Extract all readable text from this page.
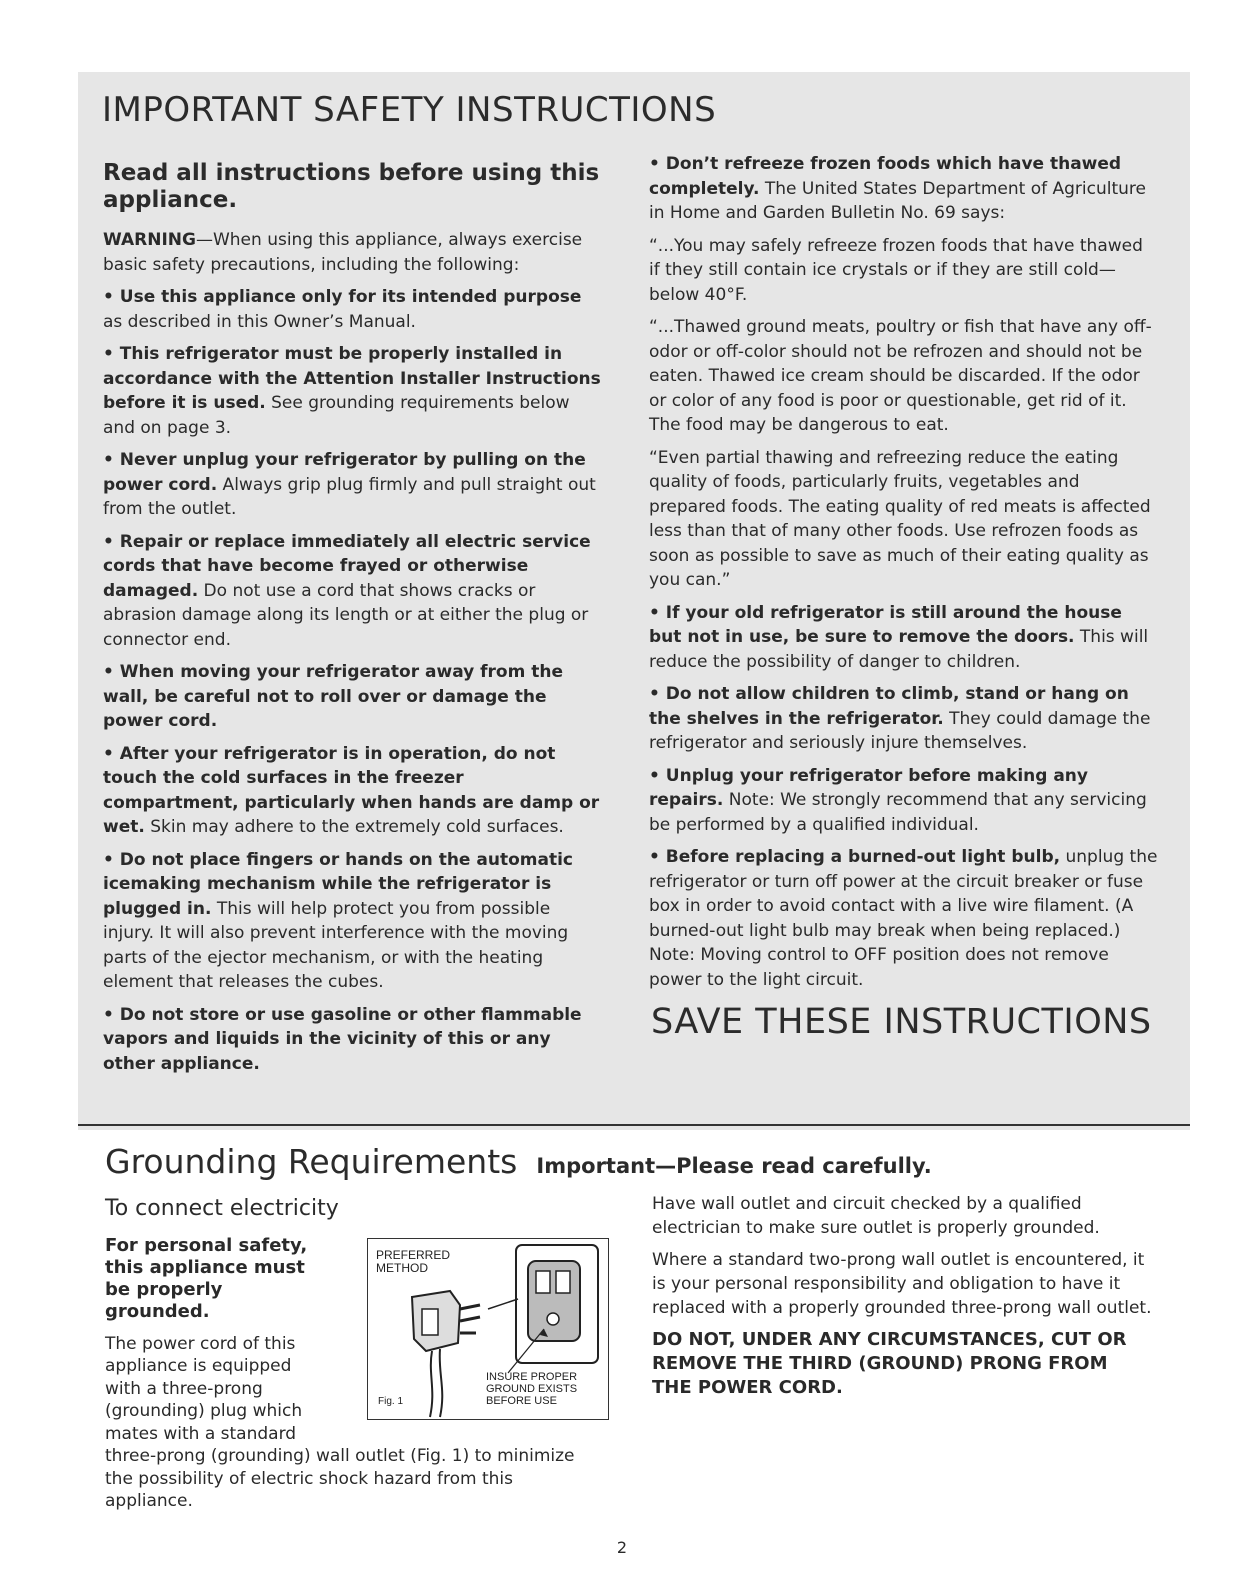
IMPORTANT SAFETY INSTRUCTIONS

Read all instructions before using this appliance.

WARNING—When using this appliance, always exercise basic safety precautions, including the following:

• Use this appliance only for its intended purpose as described in this Owner’s Manual.

• This refrigerator must be properly installed in accordance with the Attention Installer Instructions before it is used. See grounding requirements below and on page 3.

• Never unplug your refrigerator by pulling on the power cord. Always grip plug firmly and pull straight out from the outlet.

• Repair or replace immediately all electric service cords that have become frayed or otherwise damaged. Do not use a cord that shows cracks or abrasion damage along its length or at either the plug or connector end.

• When moving your refrigerator away from the wall, be careful not to roll over or damage the power cord.

• After your refrigerator is in operation, do not touch the cold surfaces in the freezer compartment, particularly when hands are damp or wet. Skin may adhere to the extremely cold surfaces.

• Do not place fingers or hands on the automatic icemaking mechanism while the refrigerator is plugged in. This will help protect you from possible injury. It will also prevent interference with the moving parts of the ejector mechanism, or with the heating element that releases the cubes.

• Do not store or use gasoline or other flammable vapors and liquids in the vicinity of this or any other appliance.

• Don’t refreeze frozen foods which have thawed completely. The United States Department of Agriculture in Home and Garden Bulletin No. 69 says:

“...You may safely refreeze frozen foods that have thawed if they still contain ice crystals or if they are still cold—below 40°F.

“...Thawed ground meats, poultry or fish that have any off-odor or off-color should not be refrozen and should not be eaten. Thawed ice cream should be discarded. If the odor or color of any food is poor or questionable, get rid of it. The food may be dangerous to eat.

“Even partial thawing and refreezing reduce the eating quality of foods, particularly fruits, vegetables and prepared foods. The eating quality of red meats is affected less than that of many other foods. Use refrozen foods as soon as possible to save as much of their eating quality as you can.”

• If your old refrigerator is still around the house but not in use, be sure to remove the doors. This will reduce the possibility of danger to children.

• Do not allow children to climb, stand or hang on the shelves in the refrigerator. They could damage the refrigerator and seriously injure themselves.

• Unplug your refrigerator before making any repairs. Note: We strongly recommend that any servicing be performed by a qualified individual.

• Before replacing a burned-out light bulb, unplug the refrigerator or turn off power at the circuit breaker or fuse box in order to avoid contact with a live wire filament. (A burned-out light bulb may break when being replaced.) Note: Moving control to OFF position does not remove power to the light circuit.

SAVE THESE INSTRUCTIONS
Grounding Requirements Important—Please read carefully.
To connect electricity
For personal safety, this appliance must be properly grounded.
The power cord of this appliance is equipped with a three-prong (grounding) plug which mates with a standard
three-prong (grounding) wall outlet (Fig. 1) to minimize the possibility of electric shock hazard from this appliance.
PREFERRED METHOD
INSURE PROPER GROUND EXISTS BEFORE USE
Fig. 1

Have wall outlet and circuit checked by a qualified electrician to make sure outlet is properly grounded.

Where a standard two-prong wall outlet is encountered, it is your personal responsibility and obligation to have it replaced with a properly grounded three-prong wall outlet.

DO NOT, UNDER ANY CIRCUMSTANCES, CUT OR REMOVE THE THIRD (GROUND) PRONG FROM THE POWER CORD.

2
